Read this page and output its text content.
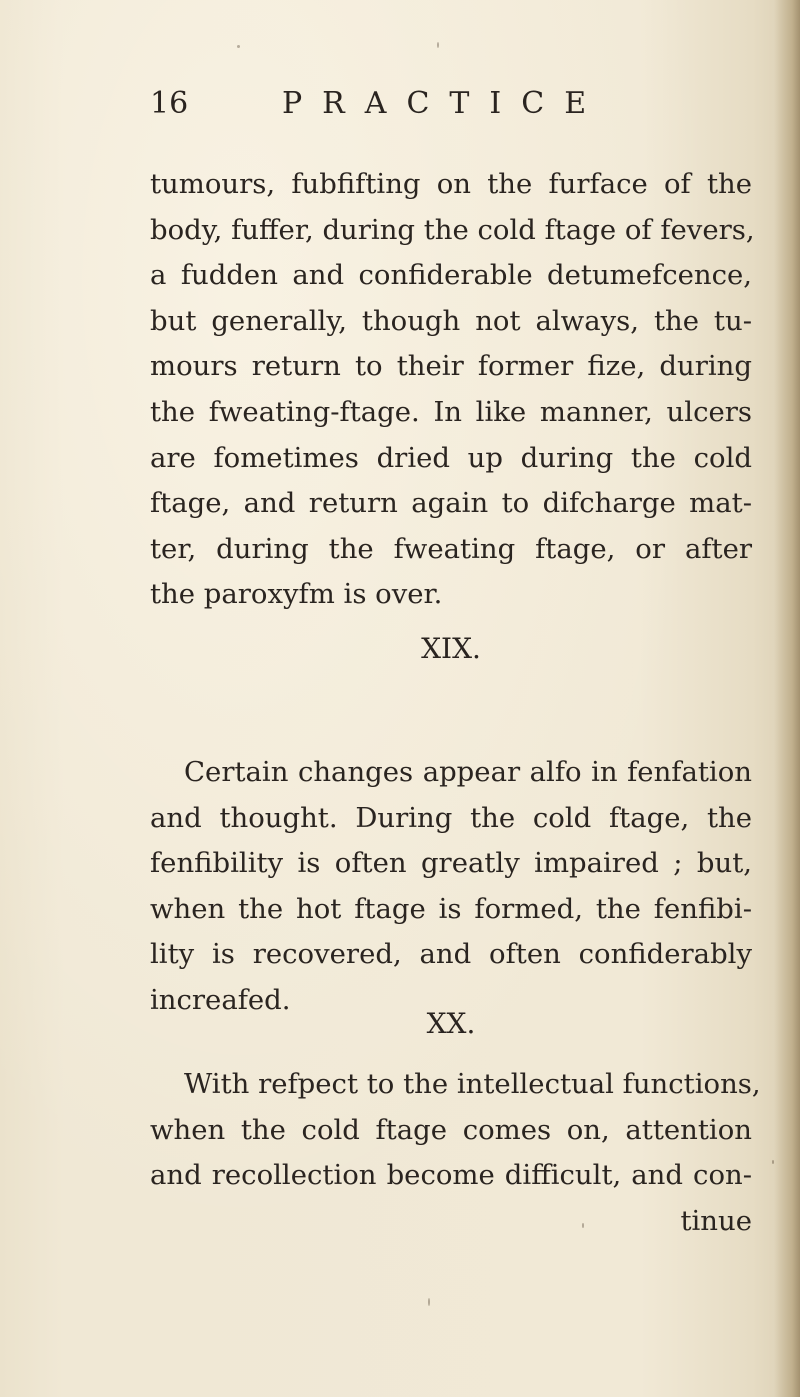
16	PRACTICE
tumours, fubfifting on the furface of the
body, fuffer, during the cold ftage of fevers,
a fudden and confiderable detumefcence,
but generally, though not always, the tu-
mours return to their former fize, during
the fweating-ftage. In like manner, ulcers
are fometimes dried up during the cold
ftage, and return again to difcharge mat-
ter, during the fweating ftage, or after
the paroxyfm is over.
XIX.
Certain changes appear alfo in fenfation
and thought. During the cold ftage, the
fenfibility is often greatly impaired ; but,
when the hot ftage is formed, the fenfibi-
lity is recovered, and often confiderably
increafed.
XX.
With refpect to the intellectual functions,
when the cold ftage comes on, attention
and recollection become difficult, and con-
tinue
